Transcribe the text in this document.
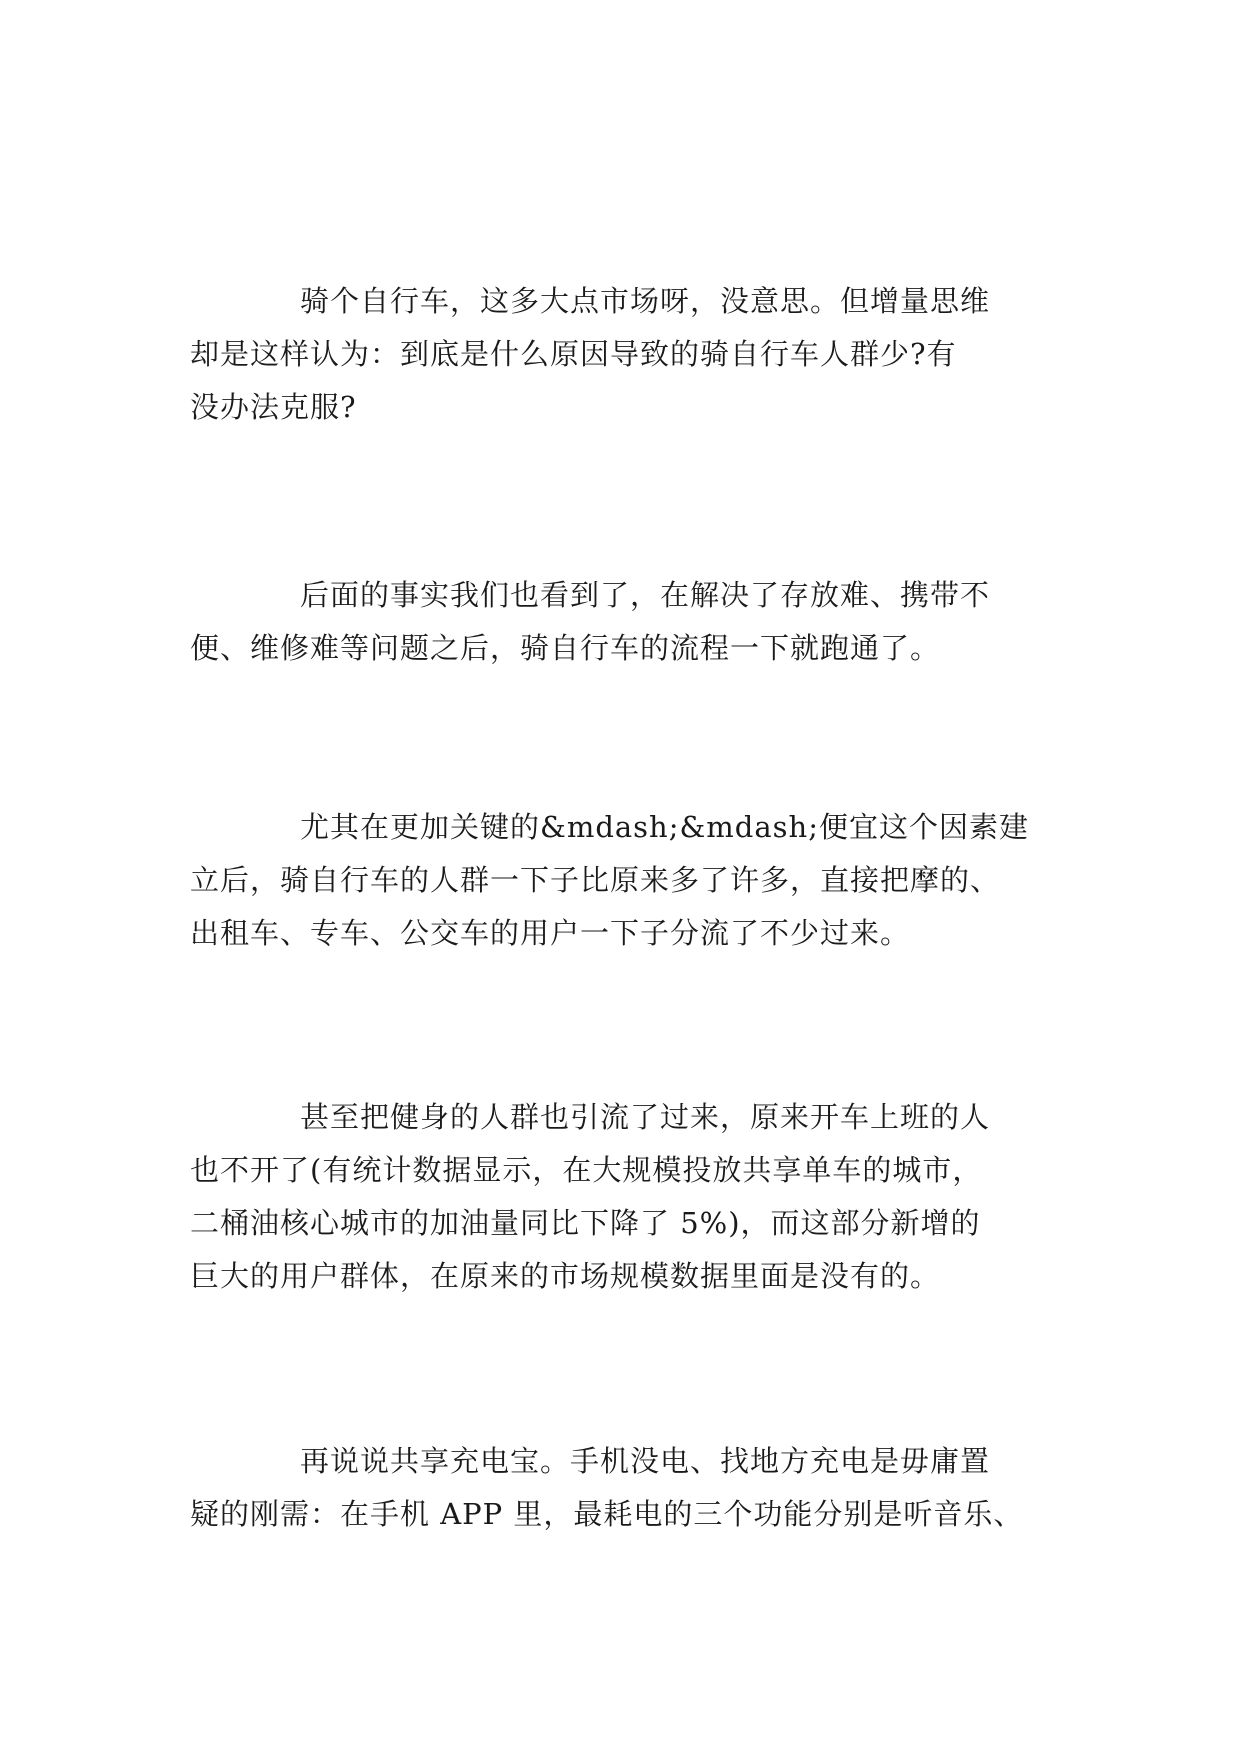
骑个自行车，这多大点市场呀，没意思。但增量思维
却是这样认为：到底是什么原因导致的骑自行车人群少?有
没办法克服?
后面的事实我们也看到了，在解决了存放难、携带不
便、维修难等问题之后，骑自行车的流程一下就跑通了。
尤其在更加关键的&mdash;&mdash;便宜这个因素建
立后，骑自行车的人群一下子比原来多了许多，直接把摩的、
出租车、专车、公交车的用户一下子分流了不少过来。
甚至把健身的人群也引流了过来，原来开车上班的人
也不开了(有统计数据显示，在大规模投放共享单车的城市，
二桶油核心城市的加油量同比下降了 5%)，而这部分新增的
巨大的用户群体，在原来的市场规模数据里面是没有的。
再说说共享充电宝。手机没电、找地方充电是毋庸置
疑的刚需：在手机 APP 里，最耗电的三个功能分别是听音乐、
